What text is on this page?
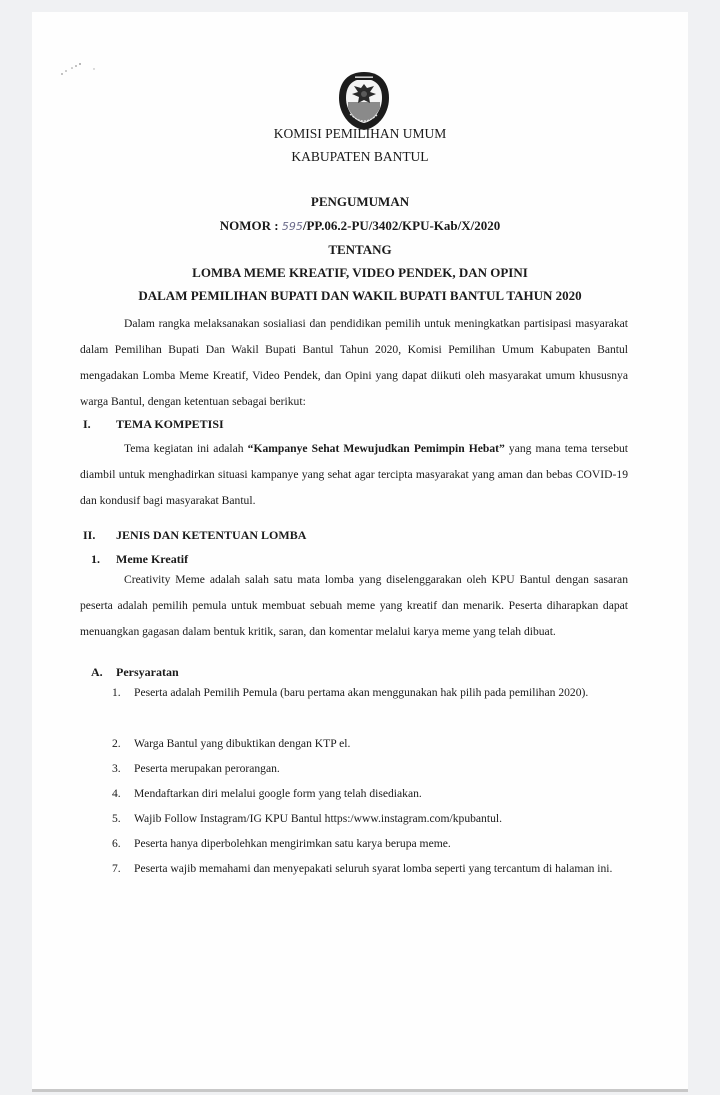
KOMISI PEMILIHAN UMUM
KABUPATEN BANTUL
PENGUMUMAN
NOMOR : 595/PP.06.2-PU/3402/KPU-Kab/X/2020
TENTANG
LOMBA MEME KREATIF, VIDEO PENDEK, DAN OPINI
DALAM PEMILIHAN BUPATI DAN WAKIL BUPATI BANTUL TAHUN 2020
Dalam rangka melaksanakan sosialiasi dan pendidikan pemilih untuk meningkatkan partisipasi masyarakat dalam Pemilihan Bupati Dan Wakil Bupati Bantul Tahun 2020, Komisi Pemilihan Umum Kabupaten Bantul mengadakan Lomba Meme Kreatif, Video Pendek, dan Opini yang dapat diikuti oleh masyarakat umum khususnya warga Bantul, dengan ketentuan sebagai berikut:
I. TEMA KOMPETISI
Tema kegiatan ini adalah “Kampanye Sehat Mewujudkan Pemimpin Hebat” yang mana tema tersebut diambil untuk menghadirkan situasi kampanye yang sehat agar tercipta masyarakat yang aman dan bebas COVID-19 dan kondusif bagi masyarakat Bantul.
II. JENIS DAN KETENTUAN LOMBA
1. Meme Kreatif
Creativity Meme adalah salah satu mata lomba yang diselenggarakan oleh KPU Bantul dengan sasaran peserta adalah pemilih pemula untuk membuat sebuah meme yang kreatif dan menarik. Peserta diharapkan dapat menuangkan gagasan dalam bentuk kritik, saran, dan komentar melalui karya meme yang telah dibuat.
A. Persyaratan
1. Peserta adalah Pemilih Pemula (baru pertama akan menggunakan hak pilih pada pemilihan 2020).
2. Warga Bantul yang dibuktikan dengan KTP el.
3. Peserta merupakan perorangan.
4. Mendaftarkan diri melalui google form yang telah disediakan.
5. Wajib Follow Instagram/IG KPU Bantul https:/www.instagram.com/kpubantul.
6. Peserta hanya diperbolehkan mengirimkan satu karya berupa meme.
7. Peserta wajib memahami dan menyepakati seluruh syarat lomba seperti yang tercantum di halaman ini.
